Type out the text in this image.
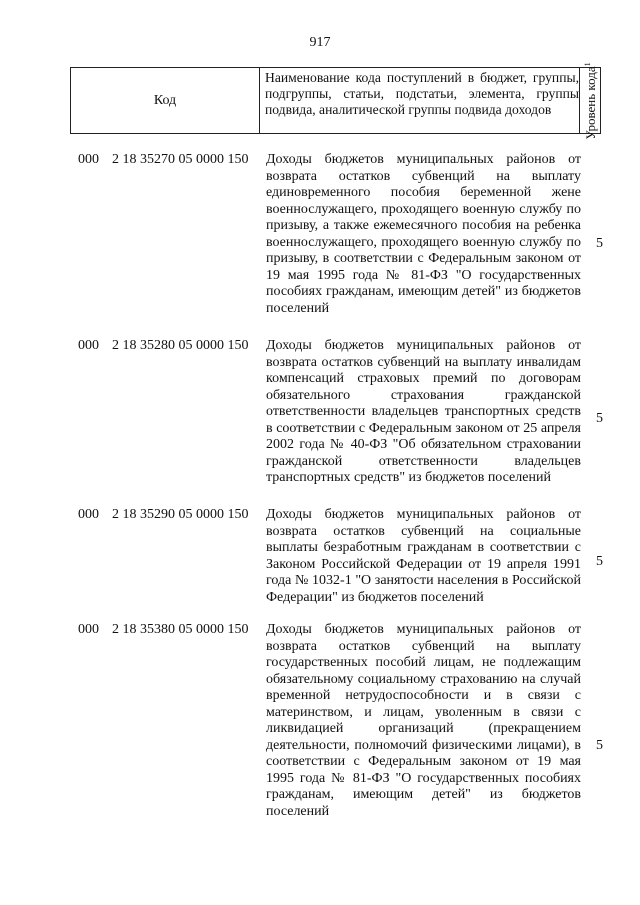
917
Код
Наименование кода поступлений в бюджет, группы, подгруппы, статьи, подстатьи, элемента, группы подвида, аналитической группы подвида доходов	Уровень кода$^1$
000 2 18 35270 05 0000 150 Доходы бюджетов муниципальных районов от возврата остатков субвенций на выплату единовременного пособия беременной жене военнослужащего, проходящего военную службу по призыву, а также ежемесячного пособия на ребенка военнослужащего, проходящего военную службу по призыву, в соответствии с Федеральным законом от 19 мая 1995 года № 81-ФЗ "О государственных пособиях гражданам, имеющим детей" из бюджетов поселений
5
000 2 18 35280 05 0000 150 Доходы бюджетов муниципальных районов от возврата остатков субвенций на выплату инвалидам компенсаций страховых премий по договорам обязательного страхования гражданской ответственности владельцев транспортных средств в соответствии с Федеральным законом от 25 апреля 2002 года № 40-ФЗ "Об обязательном страховании гражданской ответственности владельцев транспортных средств" из бюджетов поселений
5
000 2 18 35290 05 0000 150 Доходы бюджетов муниципальных районов от возврата остатков субвенций на социальные выплаты безработным гражданам в соответствии с Законом Российской Федерации от 19 апреля 1991 года № 1032-1 "О занятости населения в Российской Федерации" из бюджетов поселений
5
000 2 18 35380 05 0000 150 Доходы бюджетов муниципальных районов от возврата остатков субвенций на выплату государственных пособий лицам, не подлежащим обязательному социальному страхованию на случай временной нетрудоспособности и в связи с материнством, и лицам, уволенным в связи с ликвидацией организаций (прекращением деятельности, полномочий физическими лицами), в соответствии с Федеральным законом от 19 мая 1995 года № 81-ФЗ "О государственных пособиях гражданам, имеющим детей" из бюджетов поселений
5
